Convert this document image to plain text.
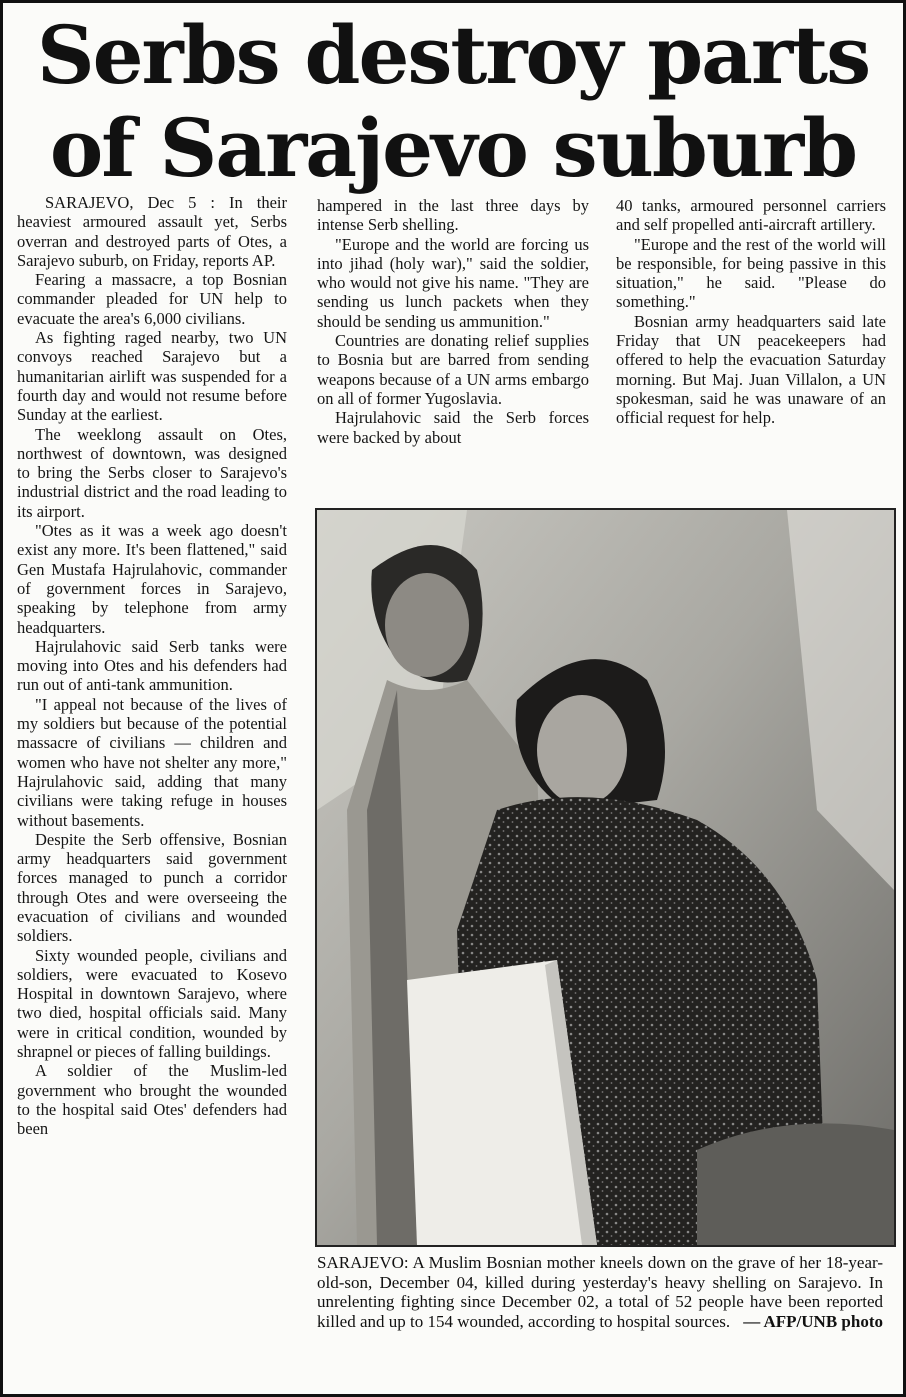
Serbs destroy parts of Sarajevo suburb

SARAJEVO, Dec 5 : In their heaviest armoured assault yet, Serbs overran and destroyed parts of Otes, a Sarajevo suburb, on Friday, reports AP.

Fearing a massacre, a top Bosnian commander pleaded for UN help to evacuate the area's 6,000 civilians.

As fighting raged nearby, two UN convoys reached Sarajevo but a humanitarian airlift was suspended for a fourth day and would not resume before Sunday at the earliest.

The weeklong assault on Otes, northwest of downtown, was designed to bring the Serbs closer to Sarajevo's industrial district and the road leading to its airport.

"Otes as it was a week ago doesn't exist any more. It's been flattened," said Gen Mustafa Hajrulahovic, commander of government forces in Sarajevo, speaking by telephone from army headquarters.

Hajrulahovic said Serb tanks were moving into Otes and his defenders had run out of anti-tank ammunition.

"I appeal not because of the lives of my soldiers but because of the potential massacre of civilians — children and women who have not shelter any more," Hajrulahovic said, adding that many civilians were taking refuge in houses without basements.

Despite the Serb offensive, Bosnian army headquarters said government forces managed to punch a corridor through Otes and were overseeing the evacuation of civilians and wounded soldiers.

Sixty wounded people, civilians and soldiers, were evacuated to Kosevo Hospital in downtown Sarajevo, where two died, hospital officials said. Many were in critical condition, wounded by shrapnel or pieces of falling buildings.

A soldier of the Muslim-led government who brought the wounded to the hospital said Otes' defenders had been

hampered in the last three days by intense Serb shelling.

"Europe and the world are forcing us into jihad (holy war)," said the soldier, who would not give his name. "They are sending us lunch packets when they should be sending us ammunition."

Countries are donating relief supplies to Bosnia but are barred from sending weapons because of a UN arms embargo on all of former Yugoslavia.

Hajrulahovic said the Serb forces were backed by about

40 tanks, armoured personnel carriers and self propelled anti-aircraft artillery.

"Europe and the rest of the world will be responsible, for being passive in this situation," he said. "Please do something."

Bosnian army headquarters said late Friday that UN peacekeepers had offered to help the evacuation Saturday morning. But Maj. Juan Villalon, a UN spokesman, said he was unaware of an official request for help.

SARAJEVO: A Muslim Bosnian mother kneels down on the grave of her 18-year-old-son, December 04, killed during yesterday's heavy shelling on Sarajevo. In unrelenting fighting since December 02, a total of 52 people have been reported killed and up to 154 wounded, according to hospital sources. — AFP/UNB photo
